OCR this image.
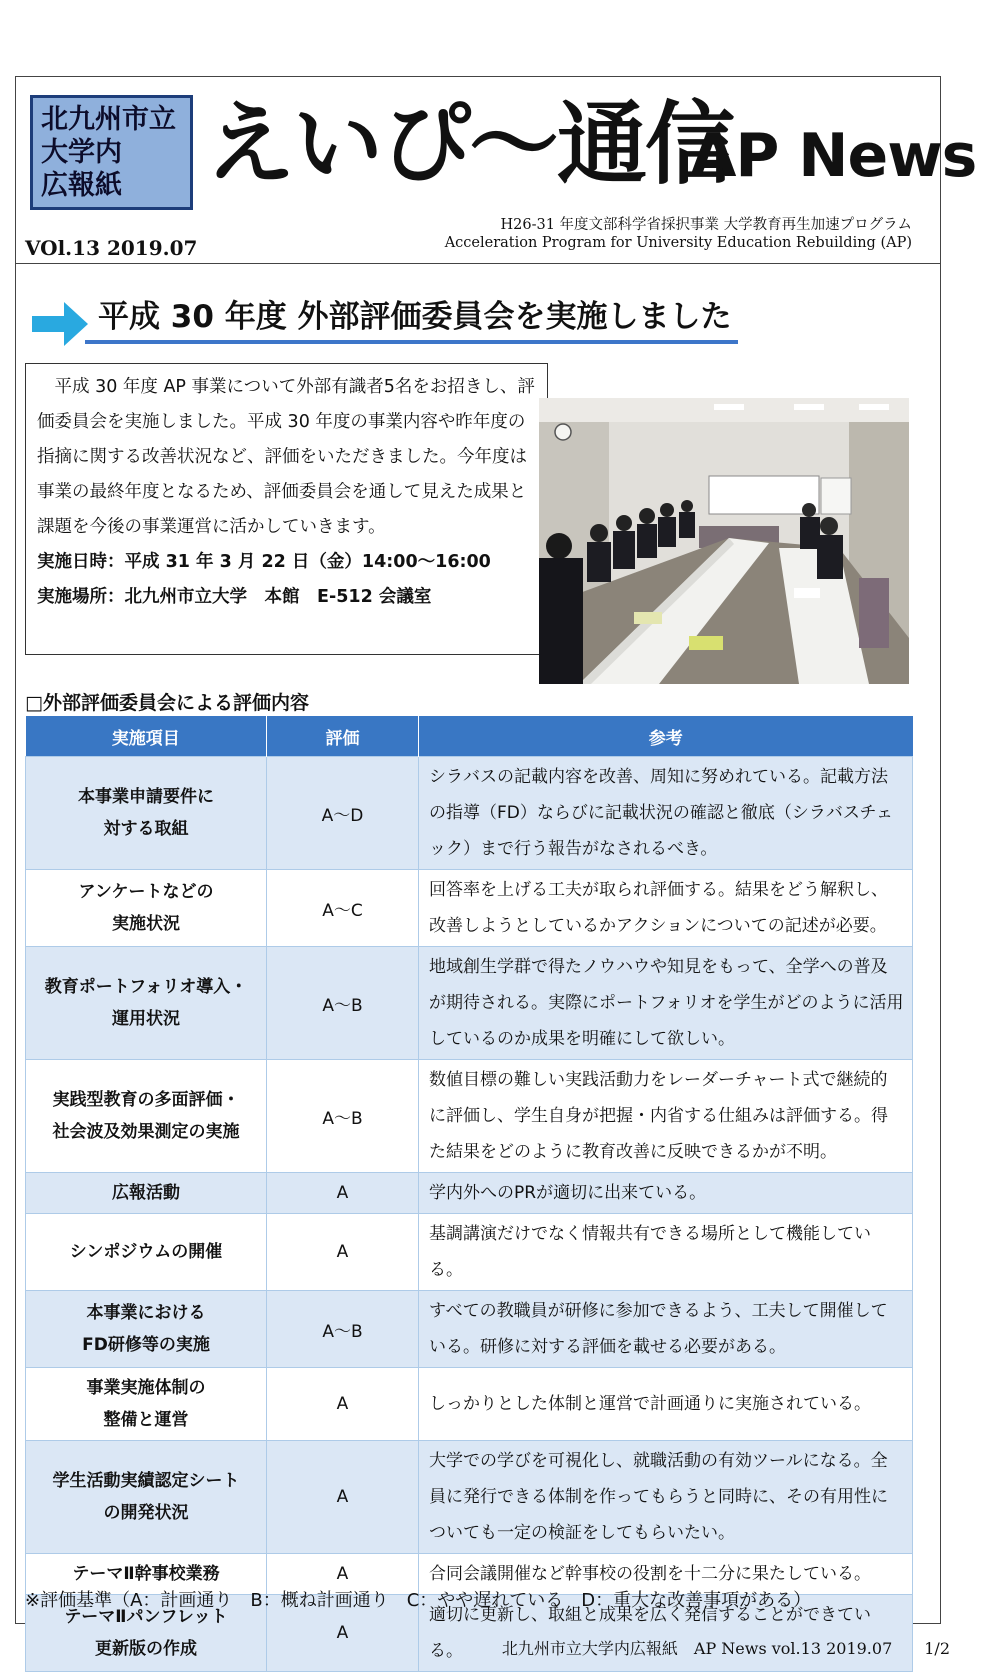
北九州市立
大学内
広報紙 えいぴ〜通信
AP News
VOl.13 2019.07
H26-31 年度文部科学省採択事業 大学教育再生加速プログラム
Acceleration Program for University Education Rebuilding (AP)
平成 30 年度 外部評価委員会を実施しました

平成 30 年度 AP 事業について外部有識者5名をお招きし、評価委員会を実施しました。平成 30 年度の事業内容や昨年度の指摘に関する改善状況など、評価をいただきました。今年度は事業の最終年度となるため、評価委員会を通して見えた成果と課題を今後の事業運営に活かしていきます。

実施日時：平成 31 年 3 月 22 日（金）14:00〜16:00
実施場所：北九州市立大学　本館　E-512 会議室
□外部評価委員会による評価内容
実施項目	評価	参考
本事業申請要件に
対する取組	A〜D	シラバスの記載内容を改善、周知に努めれている。記載方法の指導（FD）ならびに記載状況の確認と徹底（シラバスチェック）まで行う報告がなされるべき。
アンケートなどの
実施状況	A〜C	回答率を上げる工夫が取られ評価する。結果をどう解釈し、改善しようとしているかアクションについての記述が必要。
教育ポートフォリオ導入・
運用状況	A〜B	地域創生学群で得たノウハウや知見をもって、全学への普及が期待される。実際にポートフォリオを学生がどのように活用しているのか成果を明確にして欲しい。
実践型教育の多面評価・
社会波及効果測定の実施	A〜B	数値目標の難しい実践活動力をレーダーチャート式で継続的に評価し、学生自身が把握・内省する仕組みは評価する。得た結果をどのように教育改善に反映できるかが不明。
広報活動	A	学内外へのPRが適切に出来ている。
シンポジウムの開催	A	基調講演だけでなく情報共有できる場所として機能している。
本事業における
FD研修等の実施	A〜B	すべての教職員が研修に参加できるよう、工夫して開催している。研修に対する評価を載せる必要がある。
事業実施体制の
整備と運営	A	しっかりとした体制と運営で計画通りに実施されている。
学生活動実績認定シート
の開発状況	A	大学での学びを可視化し、就職活動の有効ツールになる。全員に発行できる体制を作ってもらうと同時に、その有用性についても一定の検証をしてもらいたい。
テーマⅡ幹事校業務	A	合同会議開催など幹事校の役割を十二分に果たしている。
テーマⅡパンフレット
更新版の作成	A	適切に更新し、取組と成果を広く発信することができている。
※評価基準（A：計画通り　B：概ね計画通り　C：やや遅れている　D：重大な改善事項がある）
北九州市立大学内広報紙　AP News vol.13 2019.07　　1/2
